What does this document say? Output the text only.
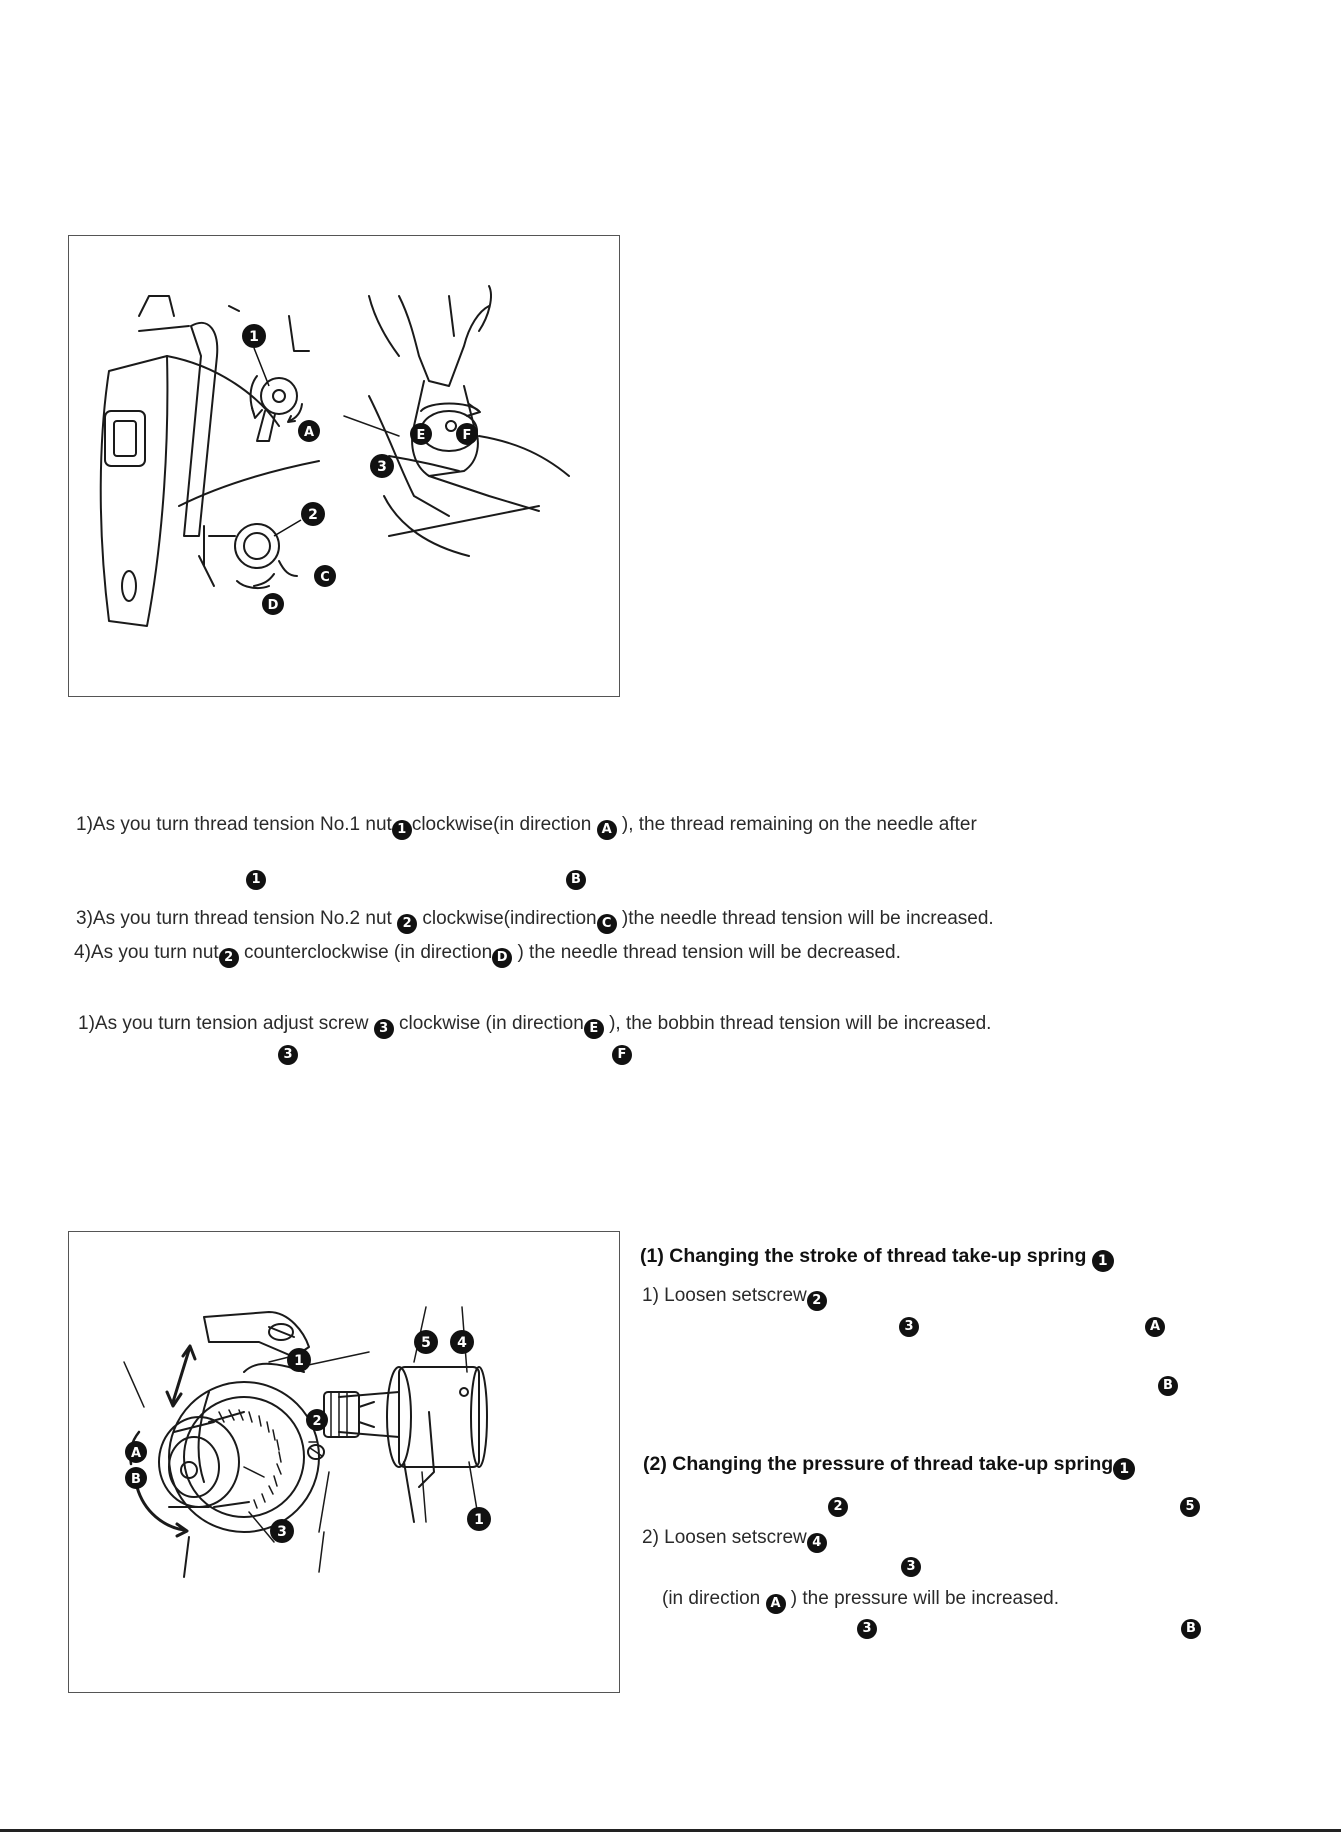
1
A
2
C
D
3
E	F
1)As you turn thread tension No.1 nut 1 clockwise(in direction A ), the thread remaining on the needle after
1	B
3)As you turn thread tension No.2 nut 2 clockwise(indirection C )the needle thread tension will be increased.
4)As you turn nut 2 counterclockwise (in direction D ) the needle thread tension will be decreased.
1)As you turn tension adjust screw 3 clockwise (in direction E ), the bobbin thread tension will be increased.
3	F
1
2
A
B
3
5 4
1
(1) Changing the stroke of thread take-up spring 1
1) Loosen setscrew 2
3	A
B
(2) Changing the pressure of thread take-up spring 1
2	5
2) Loosen setscrew 4
3
(in direction A ) the pressure will be increased.
3	B
